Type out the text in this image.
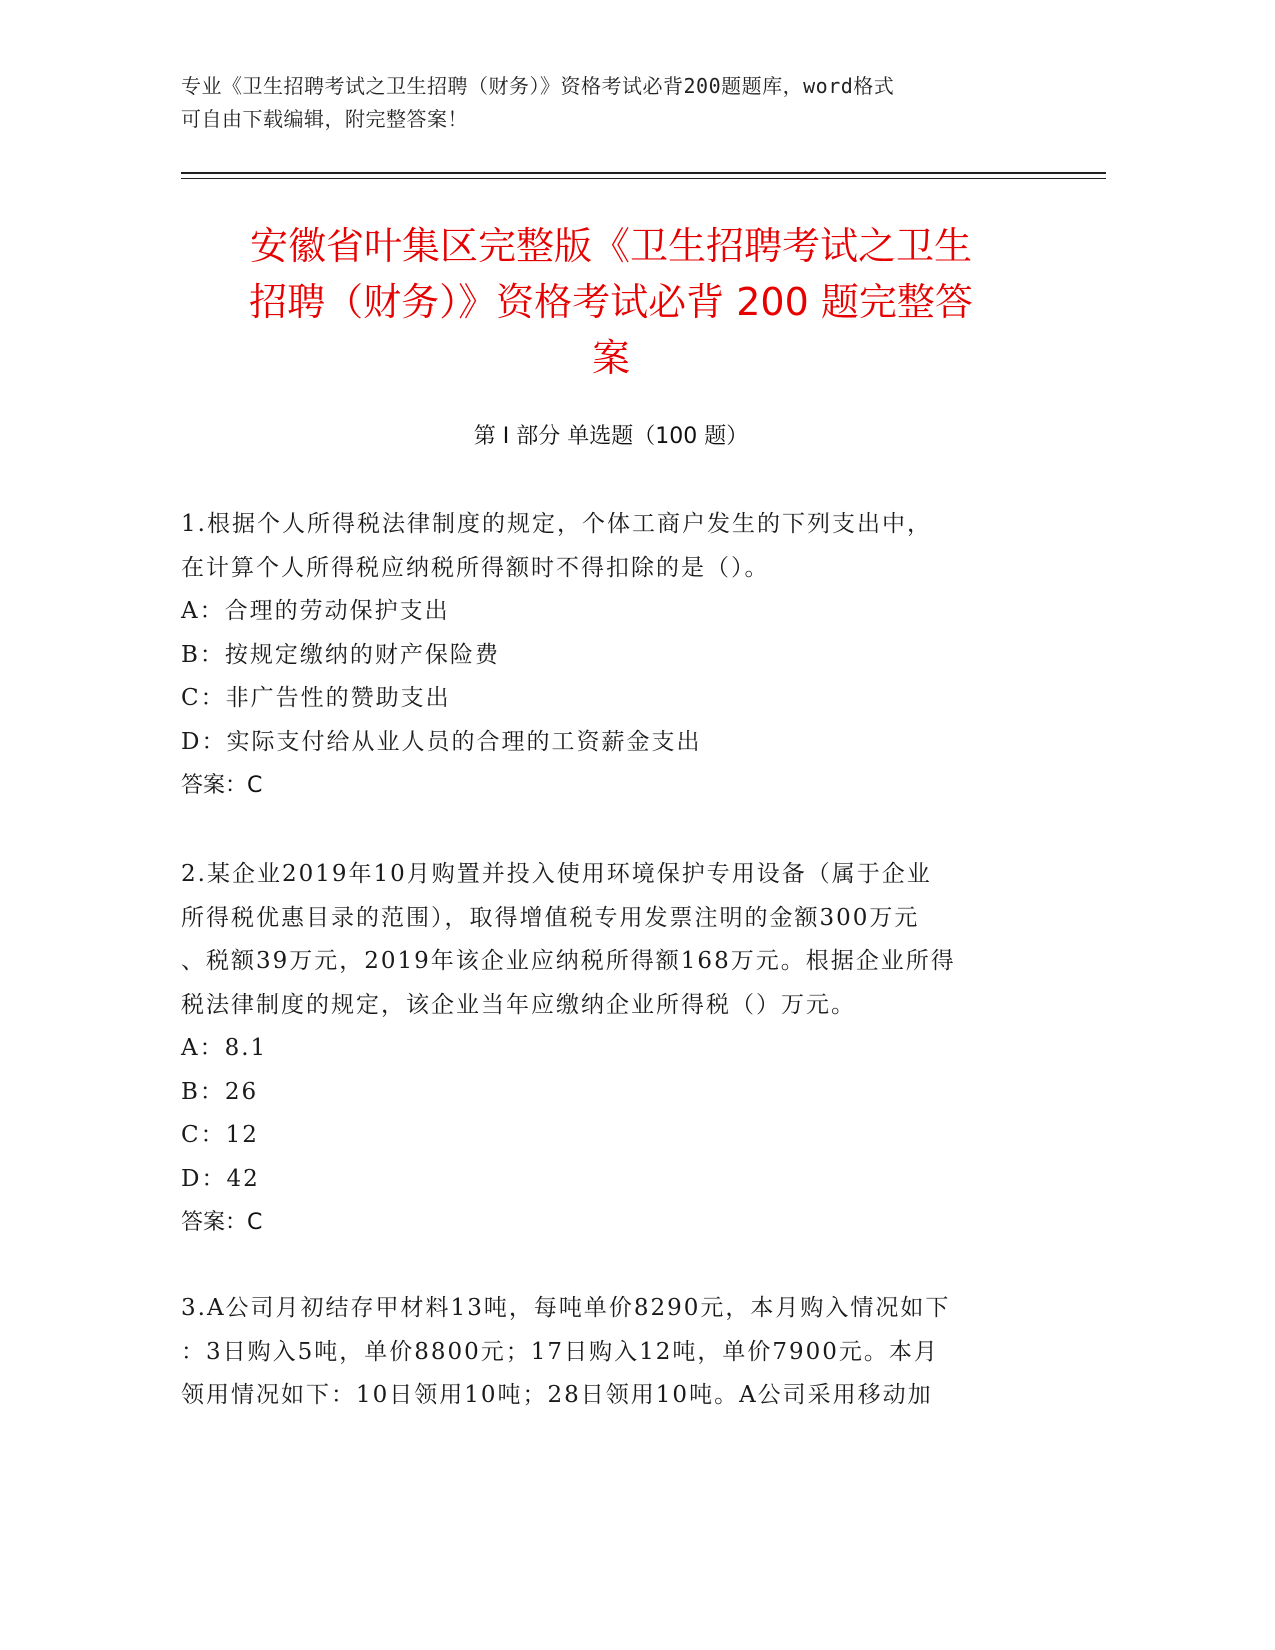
专业《卫生招聘考试之卫生招聘（财务）》资格考试必背200题题库，word格式
可自由下载编辑，附完整答案！
安徽省叶集区完整版《卫生招聘考试之卫生
招聘（财务）》资格考试必背 200 题完整答
案
第 I 部分 单选题（100 题）

1.根据个人所得税法律制度的规定，个体工商户发生的下列支出中，

在计算个人所得税应纳税所得额时不得扣除的是（）。

A：合理的劳动保护支出

B：按规定缴纳的财产保险费

C：非广告性的赞助支出

D：实际支付给从业人员的合理的工资薪金支出

答案：C

2.某企业2019年10月购置并投入使用环境保护专用设备（属于企业

所得税优惠目录的范围），取得增值税专用发票注明的金额300万元

、税额39万元，2019年该企业应纳税所得额168万元。根据企业所得

税法律制度的规定，该企业当年应缴纳企业所得税（）万元。

A：8.1

B：26

C：12

D：42

答案：C

3.A公司月初结存甲材料13吨，每吨单价8290元，本月购入情况如下

：3日购入5吨，单价8800元；17日购入12吨，单价7900元。本月

领用情况如下：10日领用10吨；28日领用10吨。A公司采用移动加
